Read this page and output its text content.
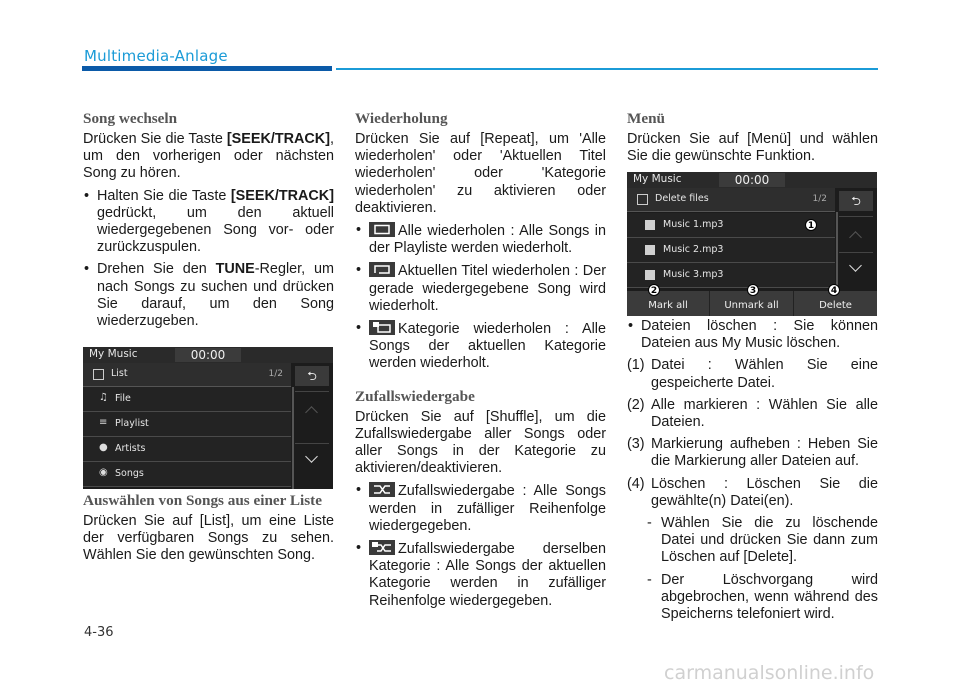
Multimedia-Anlage
Song wechseln

Drücken Sie die Taste [SEEK/TRACK], um den vorherigen oder nächsten Song zu hören.

• Halten Sie die Taste [SEEK/TRACK] gedrückt, um den aktuell wiedergegebenen Song vor- oder zurückzuspulen.

• Drehen Sie den TUNE-Regler, um nach Songs zu suchen und drücken Sie darauf, um den Song wiederzugeben.

Auswählen von Songs aus einer Liste

Drücken Sie auf [List], um eine Liste der verfügbaren Songs zu sehen. Wählen Sie den gewünschten Song.

My Music	00:00
List	1/2	⮌
♫ File
≡ Playlist
● Artists
◉ Songs
Wiederholung

Drücken Sie auf [Repeat], um 'Alle wiederholen' oder 'Aktuellen Titel wiederholen' oder 'Kategorie wiederholen' zu aktivieren oder deaktivieren.

• Alle wiederholen : Alle Songs in der Playliste werden wiederholt.

• Aktuellen Titel wiederholen : Der gerade wiedergegebene Song wird wiederholt.

• Kategorie wiederholen : Alle Songs der aktuellen Kategorie werden wiederholt.

Zufallswiedergabe

Drücken Sie auf [Shuffle], um die Zufallswiedergabe aller Songs oder aller Songs in der Kategorie zu aktivieren/deaktivieren.

• Zufallswiedergabe : Alle Songs werden in zufälliger Reihenfolge wiedergegeben.

• Zufallswiedergabe derselben Kategorie : Alle Songs der aktuellen Kategorie werden in zufälliger Reihenfolge wiedergegeben.

Menü

Drücken Sie auf [Menü] und wählen Sie die gewünschte Funktion.

My Music	00:00
Delete files	1/2	⮌
Music 1.mp3
Music 2.mp3
Music 3.mp3
Mark all	Unmark all	Delete
1
2	3	4

• Dateien löschen : Sie können Dateien aus My Music löschen.

(1) Datei : Wählen Sie eine gespeicherte Datei.

(2) Alle markieren : Wählen Sie alle Dateien.

(3) Markierung aufheben : Heben Sie die Markierung aller Dateien auf.

(4) Löschen : Löschen Sie die gewählte(n) Datei(en).

- Wählen Sie die zu löschende Datei und drücken Sie dann zum Löschen auf [Delete].

- Der Löschvorgang wird abgebrochen, wenn während des Speicherns telefoniert wird.

4-36
carmanualsonline.info
